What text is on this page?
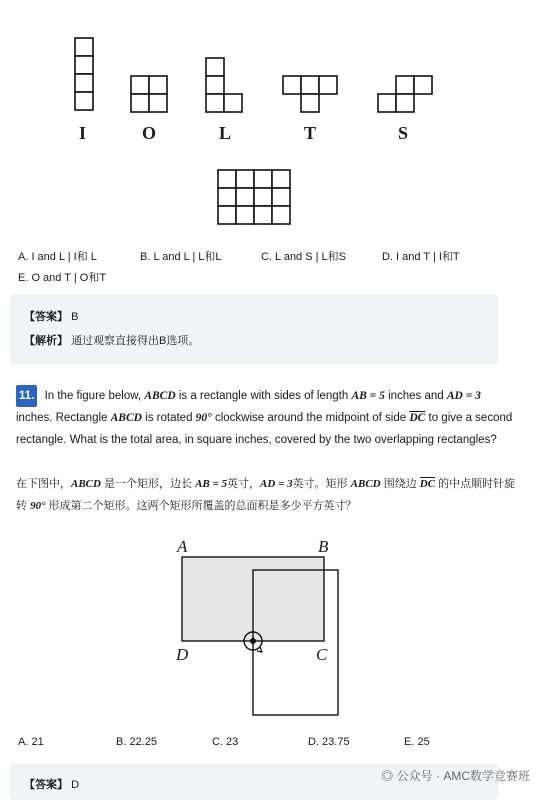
I	O	L	T	S
A. I and L | I和 L	B. L and L | L和L	C. L and S | L和S	D. I and T | I和T
E. O and T | O和T
【答案】 B
【解析】 通过观察直接得出B选项。
11. In the figure below, ABCD is a rectangle with sides of length AB = 5 inches and AD = 3 inches. Rectangle ABCD is rotated 90° clockwise around the midpoint of side $\overline{DC}$ to give a second rectangle. What is the total area, in square inches, covered by the two overlapping rectangles?
在下图中，ABCD 是一个矩形，边长 AB = 5英寸，AD = 3英寸。矩形 ABCD 围绕边 $\overline{DC}$ 的中点顺时针旋转 90° 形成第二个矩形。这两个矩形所覆盖的总面积是多少平方英寸？
A	B
C
D
A. 21	B. 22.25	C. 23	D. 23.75	E. 25
【答案】 D
◎ 公众号 · AMC数学竞赛班
